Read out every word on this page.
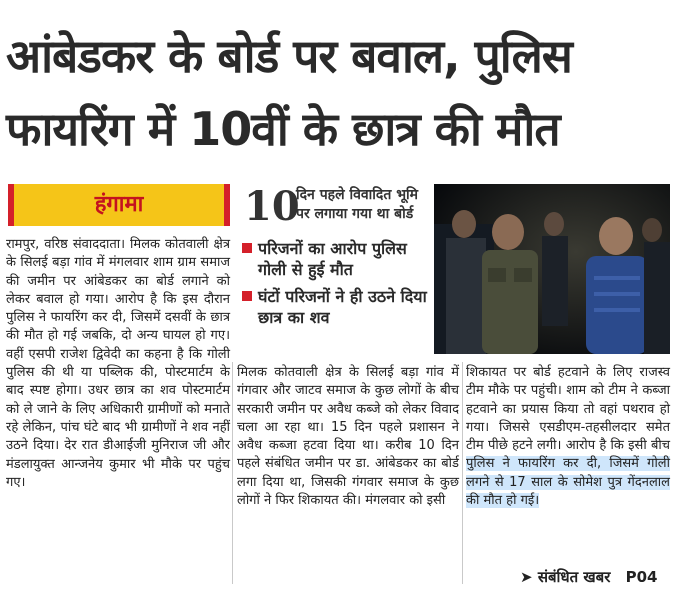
आंबेडकर के बोर्ड पर बवाल, पुलिस
फायरिंग में 10वीं के छात्र की मौत
हंगामा

रामपुर, वरिष्ठ संवाददाता। मिलक कोतवाली क्षेत्र के सिलई बड़ा गांव में मंगलवार शाम ग्राम समाज की जमीन पर आंबेडकर का बोर्ड लगाने को लेकर बवाल हो गया। आरोप है कि इस दौरान पुलिस ने फायरिंग कर दी, जिसमें दसवीं के छात्र की मौत हो गई जबकि, दो अन्य घायल हो गए। वहीं एसपी राजेश द्विवेदी का कहना है कि गोली पुलिस की थी या पब्लिक की, पोस्टमार्टम के बाद स्पष्ट होगा। उधर छात्र का शव पोस्टमार्टम को ले जाने के लिए अधिकारी ग्रामीणों को मनाते रहे लेकिन, पांच घंटे बाद भी ग्रामीणों ने शव नहीं उठने दिया। देर रात डीआईजी मुनिराज जी और मंडलायुक्त आन्जनेय कुमार भी मौके पर पहुंच गए।

10
दिन पहले विवादित भूमि पर लगाया गया था बोर्ड
परिजनों का आरोप पुलिस गोली से हुई मौत
घंटों परिजनों ने ही उठने दिया छात्र का शव

मिलक कोतवाली क्षेत्र के सिलई बड़ा गांव में गंगवार और जाटव समाज के कुछ लोगों के बीच सरकारी जमीन पर अवैध कब्जे को लेकर विवाद चला आ रहा था। 15 दिन पहले प्रशासन ने अवैध कब्जा हटवा दिया था। करीब 10 दिन पहले संबंधित जमीन पर डा. आंबेडकर का बोर्ड लगा दिया था, जिसकी गंगवार समाज के कुछ लोगों ने फिर शिकायत की। मंगलवार को इसी

शिकायत पर बोर्ड हटवाने के लिए राजस्व टीम मौके पर पहुंची। शाम को टीम ने कब्जा हटवाने का प्रयास किया तो वहां पथराव हो गया। जिससे एसडीएम-तहसीलदार समेत टीम पीछे हटने लगी। आरोप है कि इसी बीच पुलिस ने फायरिंग कर दी, जिसमें गोली लगने से 17 साल के सोमेश पुत्र गेंदनलाल की मौत हो गई।

➤ संबंधित खबर P04
